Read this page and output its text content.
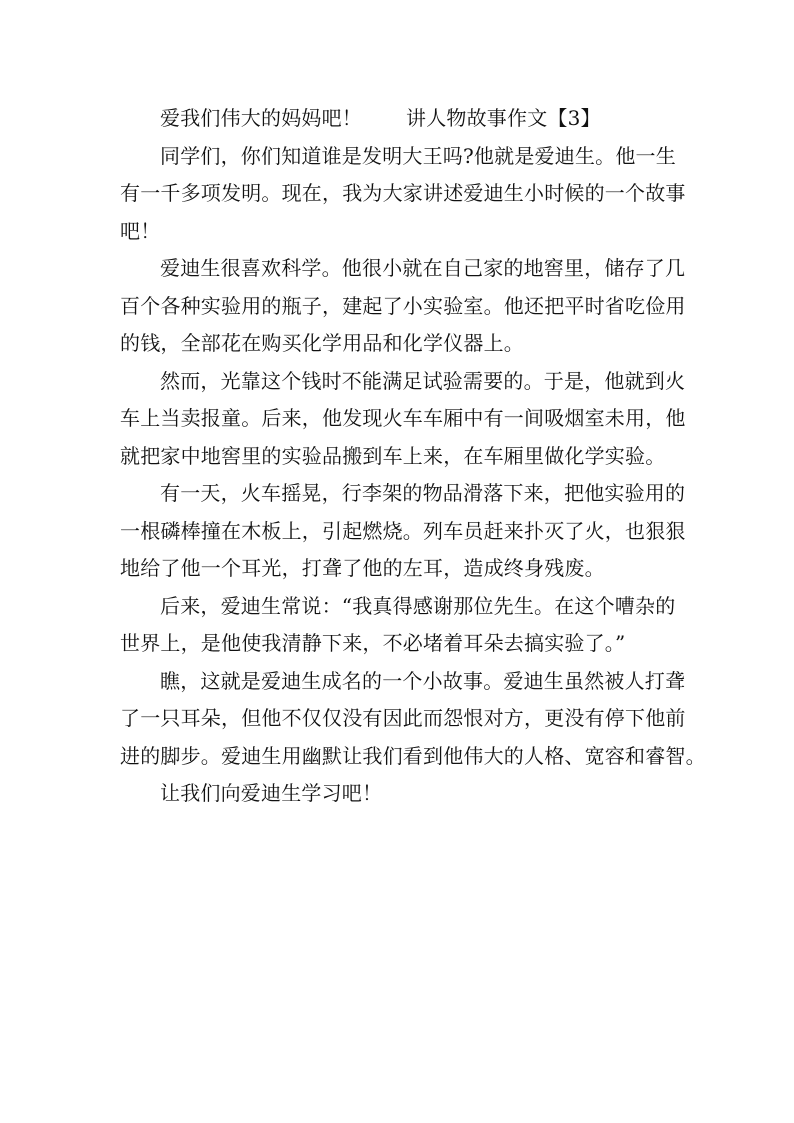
爱我们伟大的妈妈吧！ 讲人物故事作文【3】

同学们，你们知道谁是发明大王吗?他就是爱迪生。他一生

有一千多项发明。现在，我为大家讲述爱迪生小时候的一个故事

吧！

爱迪生很喜欢科学。他很小就在自己家的地窖里，储存了几

百个各种实验用的瓶子，建起了小实验室。他还把平时省吃俭用

的钱，全部花在购买化学用品和化学仪器上。

然而，光靠这个钱时不能满足试验需要的。于是，他就到火

车上当卖报童。后来，他发现火车车厢中有一间吸烟室未用，他

就把家中地窖里的实验品搬到车上来，在车厢里做化学实验。

有一天，火车摇晃，行李架的物品滑落下来，把他实验用的

一根磷棒撞在木板上，引起燃烧。列车员赶来扑灭了火，也狠狠

地给了他一个耳光，打聋了他的左耳，造成终身残废。

后来，爱迪生常说：“我真得感谢那位先生。在这个嘈杂的

世界上，是他使我清静下来，不必堵着耳朵去搞实验了。”

瞧，这就是爱迪生成名的一个小故事。爱迪生虽然被人打聋

了一只耳朵，但他不仅仅没有因此而怨恨对方，更没有停下他前

进的脚步。爱迪生用幽默让我们看到他伟大的人格、宽容和睿智。

让我们向爱迪生学习吧！
